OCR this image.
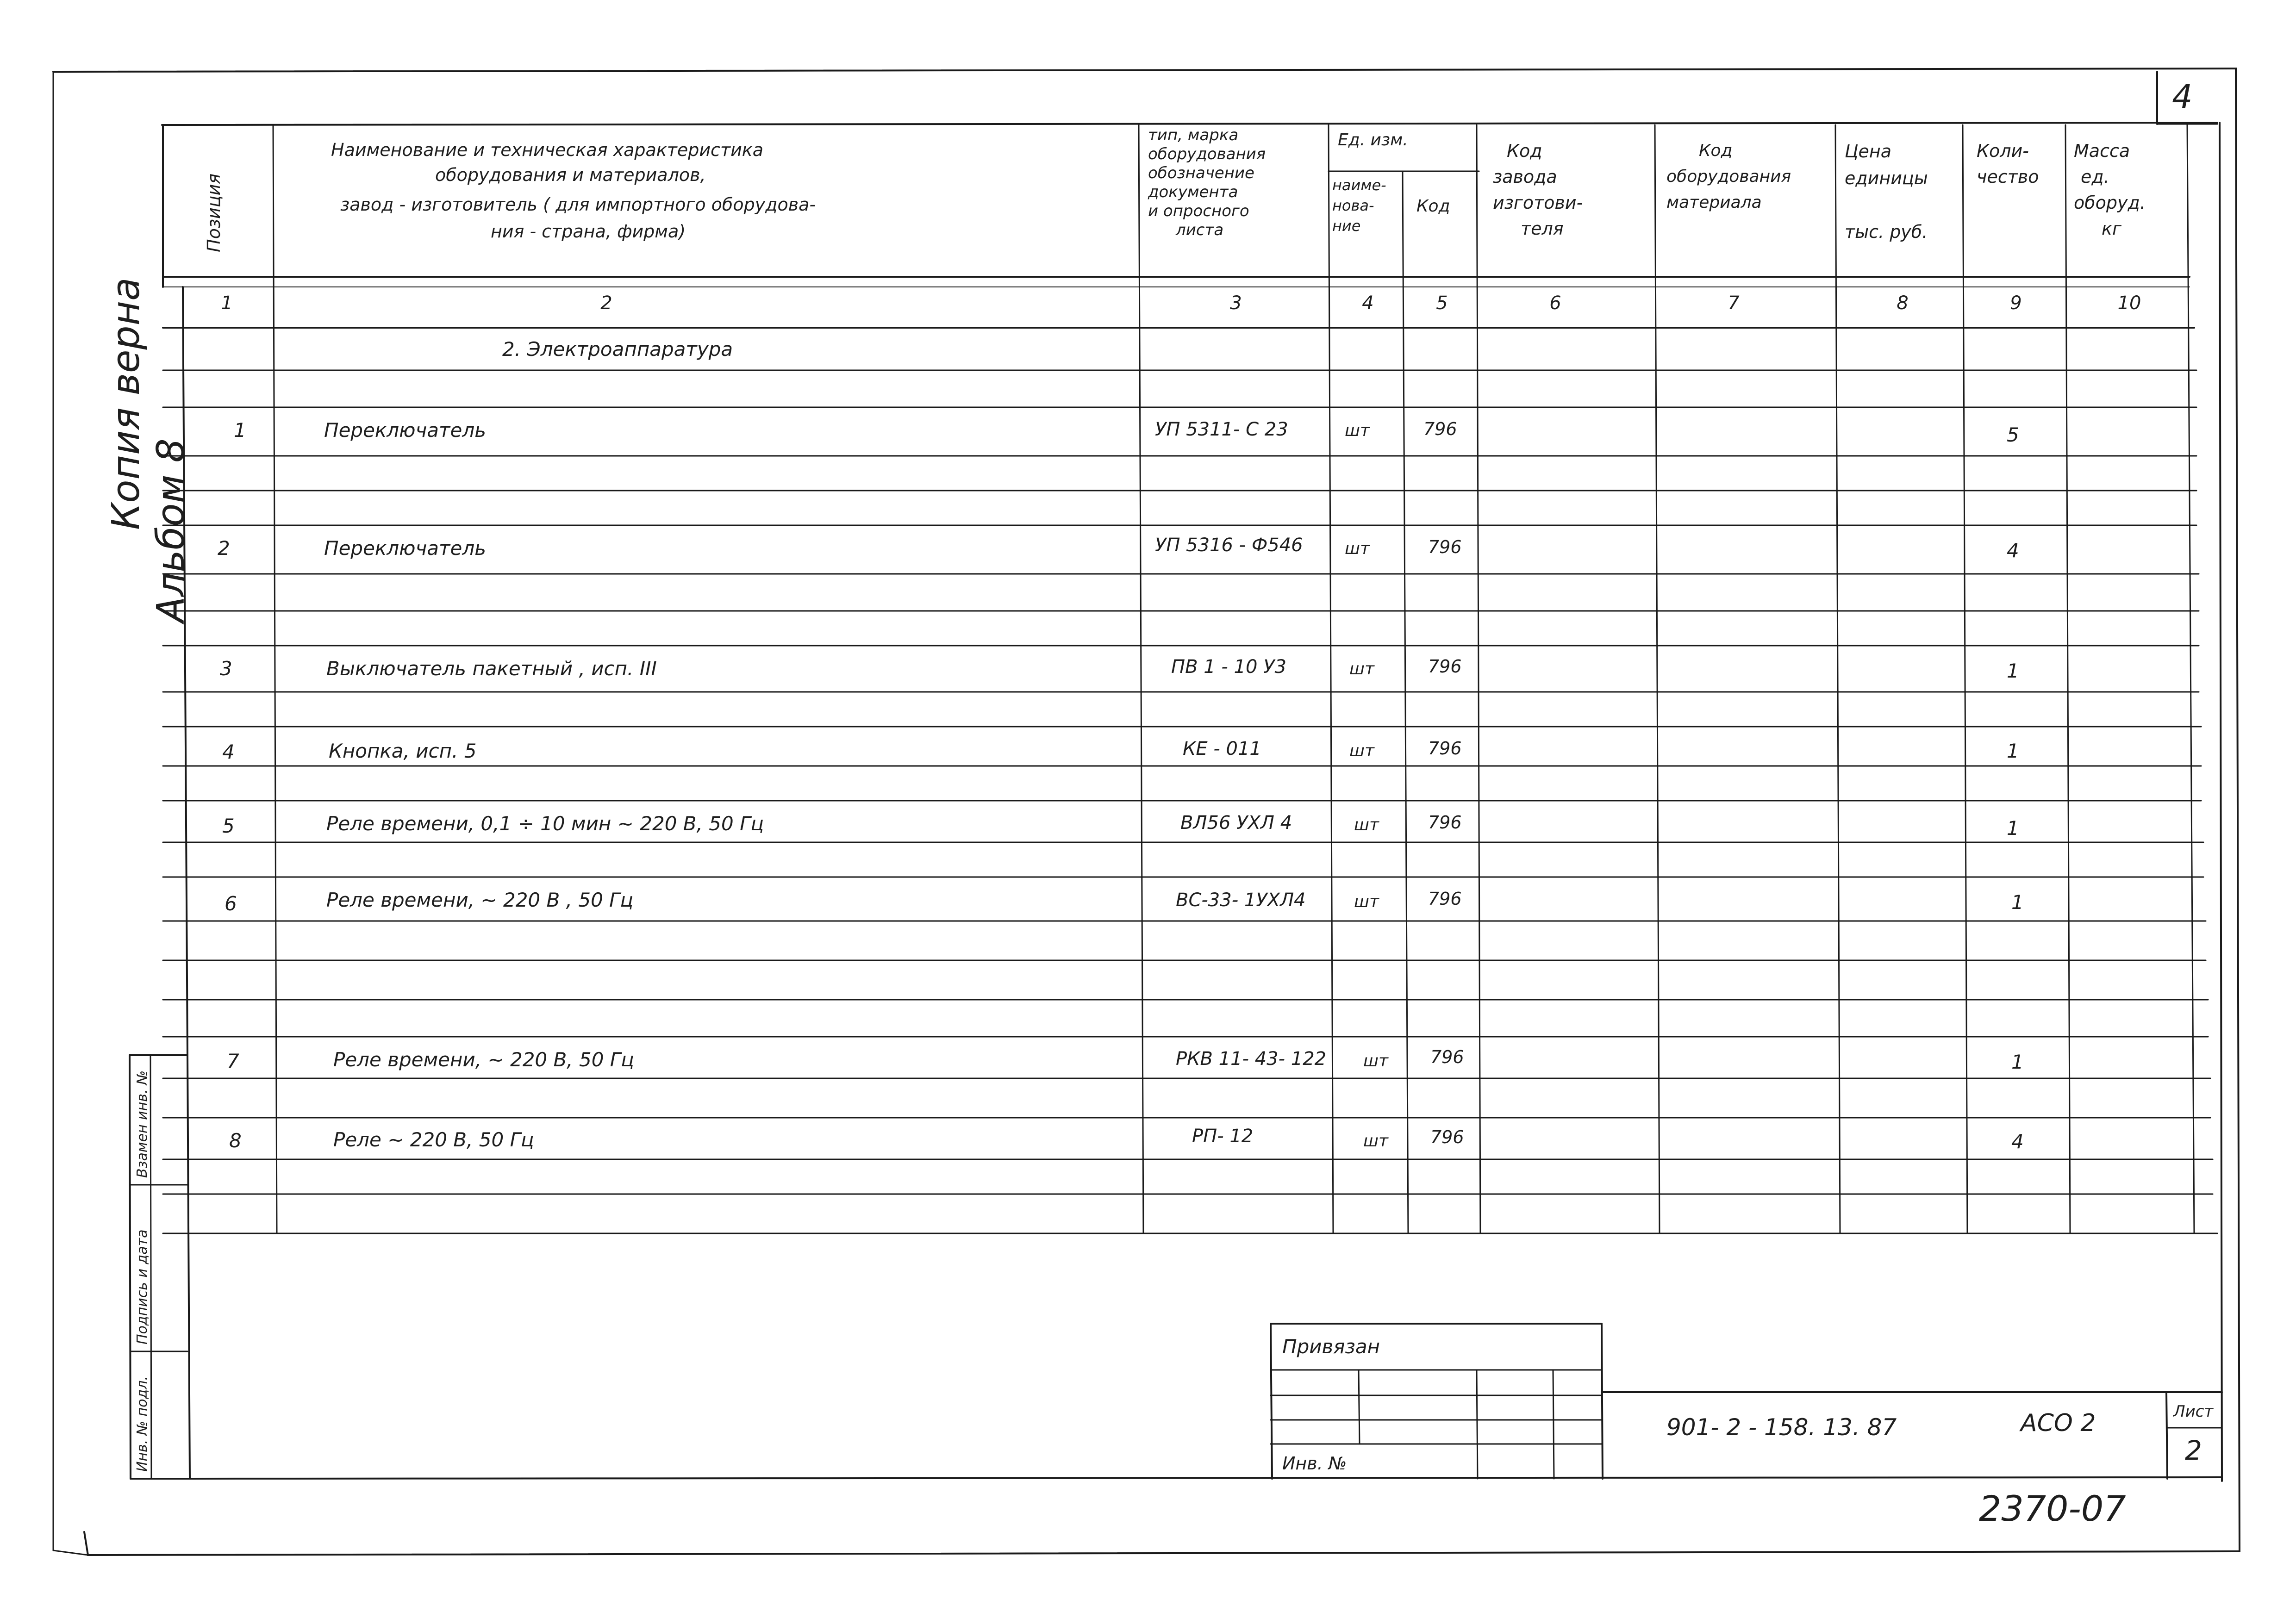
4
Копия верна
Альбом 8
Позиция
Наименование и техническая характеристика
оборудования и материалов,
завод - изготовитель ( для импортного оборудова-
ния - страна, фирма)
тип, марка
оборудования
обозначение
документа
и опросного
листа
Ед. изм.
наиме-
нова-
ние
Код
Код
завода
изготови-
теля
Код
оборудования
материала
Цена
единицы
тыс. руб.
Коли-
чество
Масса
ед.
оборуд.
кг
1	2	3	4	5	6	7	8	9	10
2. Электроаппаратура
1	Переключатель	УП 5311- С 23	шт	796	5
2	Переключатель	УП 5316 - Ф546	шт	796	4
3	Выключатель пакетный , исп. III	ПВ 1 - 10 У3	шт	796	1
4	Кнопка, исп. 5	КЕ - 011	шт	796	1
5	Реле времени, 0,1 ÷ 10 мин ~ 220 В, 50 Гц	ВЛ56 УХЛ 4	шт	796	1
6	Реле времени, ~ 220 В , 50 Гц	ВС-33- 1УХЛ4	шт	796	1
7	Реле времени, ~ 220 В, 50 Гц	РКВ 11- 43- 122 шт 796	1
8	Реле ~ 220 В, 50 Гц	РП- 12	шт 796	4
Инв. № подл.
Подпись и дата
Взамен инв. №
Привязан
Инв. №
901- 2 - 158. 13. 87	АСО 2	Лист
2
2370-07
